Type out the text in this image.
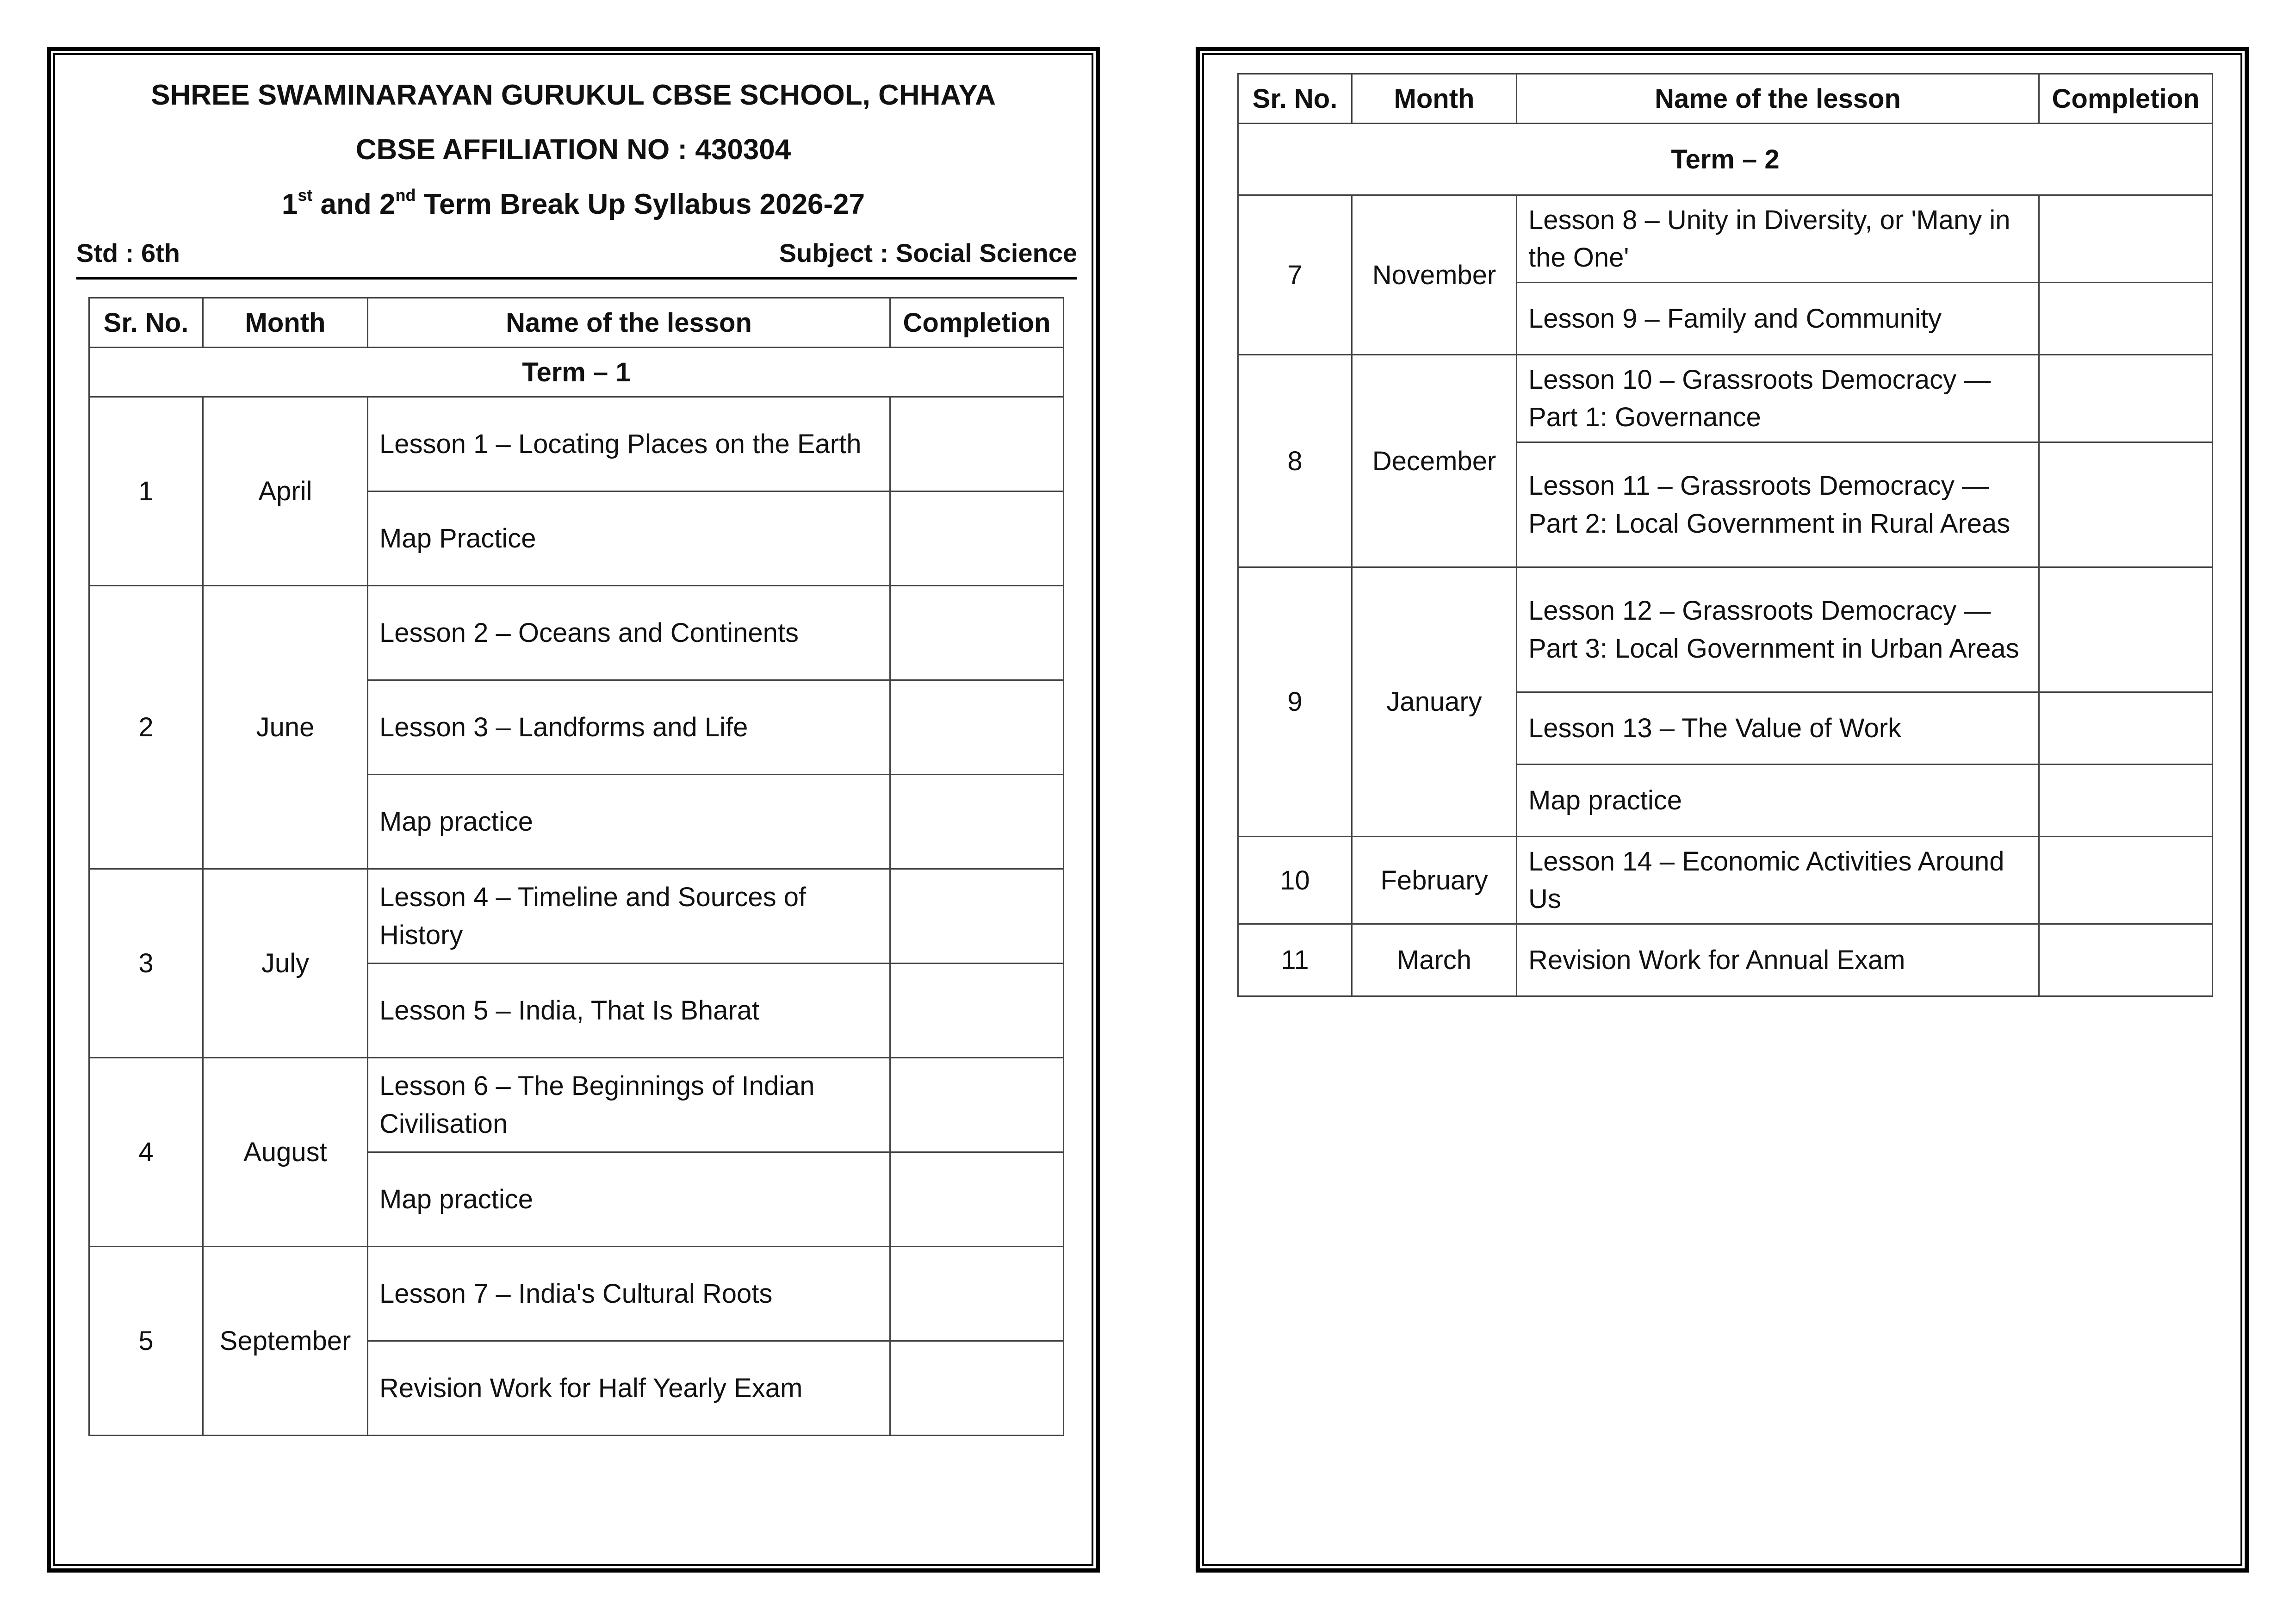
SHREE SWAMINARAYAN GURUKUL CBSE SCHOOL, CHHAYA
CBSE AFFILIATION NO : 430304
1st and 2nd Term Break Up Syllabus 2026-27
Std : 6th	Subject : Social Science
Sr. No.	Month	Name of the lesson	Completion
Term – 1			
1	April	Lesson 1 – Locating Places on the Earth	
		Map Practice	
2	June	Lesson 2 – Oceans and Continents	
		Lesson 3 – Landforms and Life	
		Map practice	
3	July	Lesson 4 – Timeline and Sources of History	
		Lesson 5 – India, That Is Bharat	
4	August	Lesson 6 – The Beginnings of Indian Civilisation	
		Map practice	
5	September	Lesson 7 – India's Cultural Roots	
		Revision Work for Half Yearly Exam	
Sr. No.	Month	Name of the lesson	Completion
Term – 2			
7	November	Lesson 8 – Unity in Diversity, or 'Many in the One'	
		Lesson 9 – Family and Community	
8	December	Lesson 10 – Grassroots Democracy — Part 1: Governance	
		Lesson 11 – Grassroots Democracy — Part 2: Local Government in Rural Areas	
9	January	Lesson 12 – Grassroots Democracy — Part 3: Local Government in Urban Areas	
		Lesson 13 – The Value of Work	
		Map practice	
10	February	Lesson 14 – Economic Activities Around Us	
11	March	Revision Work for Annual Exam	
